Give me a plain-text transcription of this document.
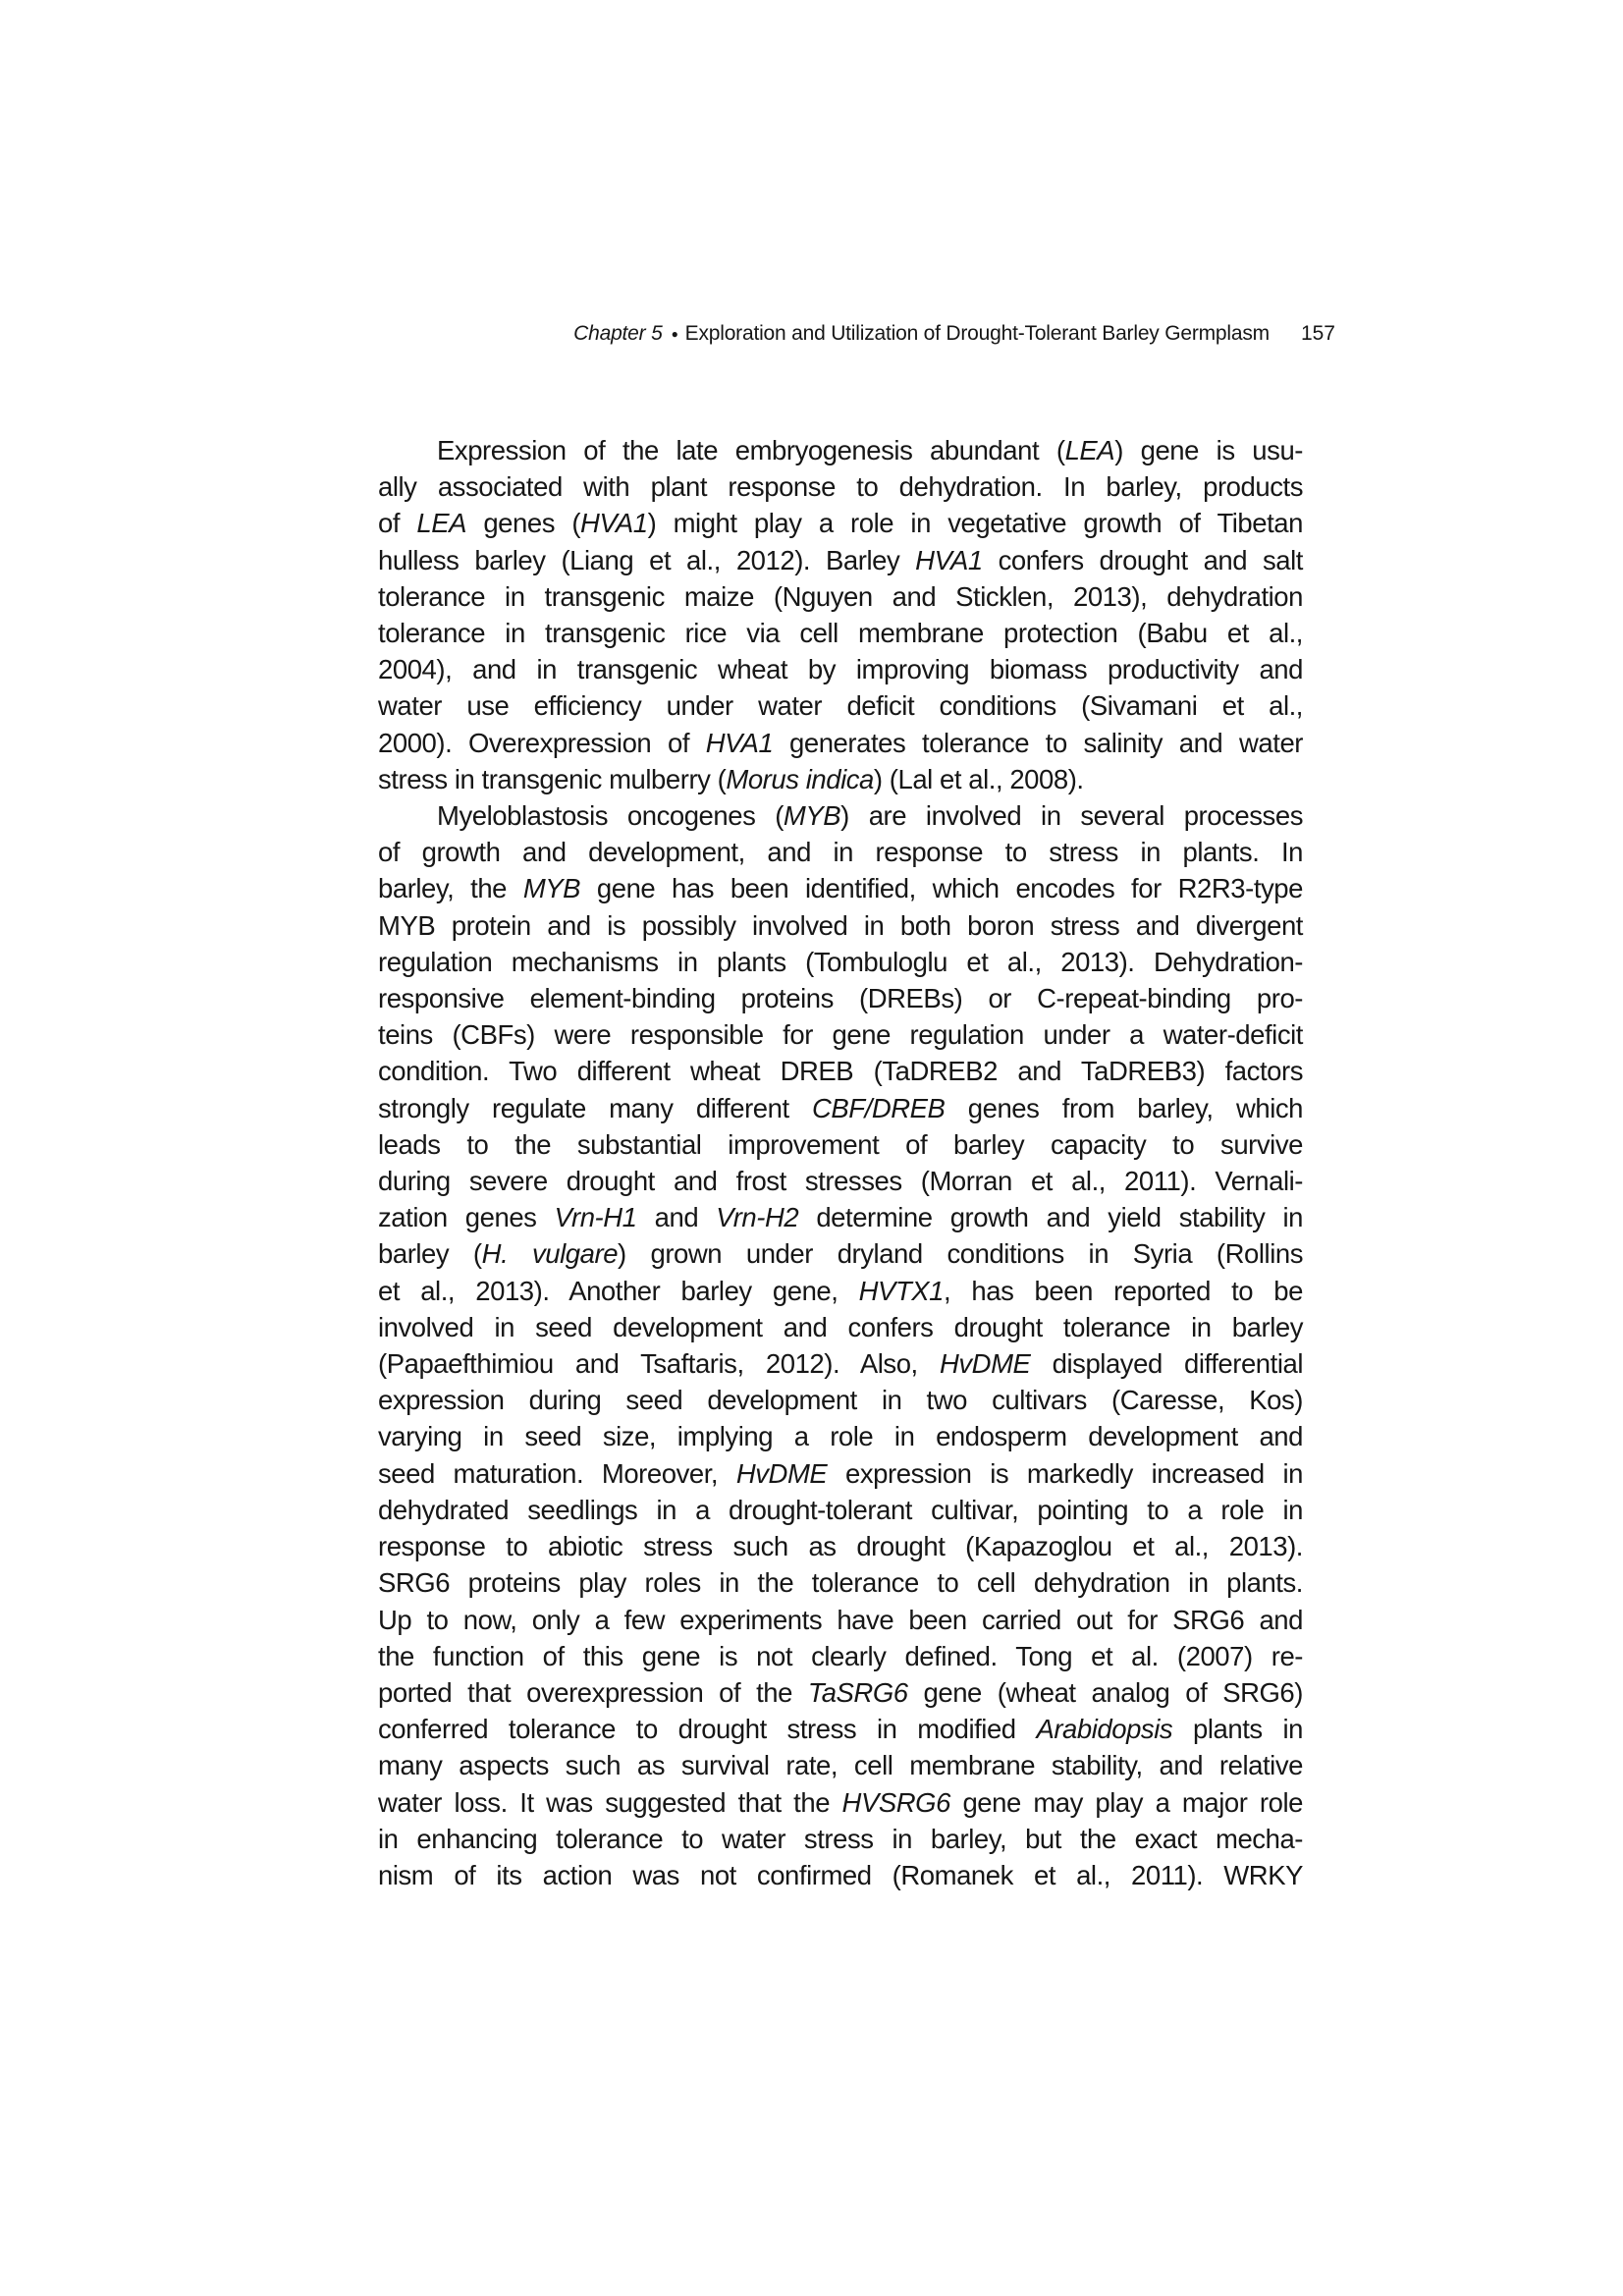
Chapter 5 ● Exploration and Utilization of Drought-Tolerant Barley Germplasm 157
Expression of the late embryogenesis abundant (LEA) gene is usu-
ally associated with plant response to dehydration. In barley, products
of LEA genes (HVA1) might play a role in vegetative growth of Tibetan
hulless barley (Liang et al., 2012). Barley HVA1 confers drought and salt
tolerance in transgenic maize (Nguyen and Sticklen, 2013), dehydration
tolerance in transgenic rice via cell membrane protection (Babu et al.,
2004), and in transgenic wheat by improving biomass productivity and
water use efficiency under water deficit conditions (Sivamani et al.,
2000). Overexpression of HVA1 generates tolerance to salinity and water
stress in transgenic mulberry (Morus indica) (Lal et al., 2008).
Myeloblastosis oncogenes (MYB) are involved in several processes
of growth and development, and in response to stress in plants. In
barley, the MYB gene has been identified, which encodes for R2R3-type
MYB protein and is possibly involved in both boron stress and divergent
regulation mechanisms in plants (Tombuloglu et al., 2013). Dehydration-
responsive element-binding proteins (DREBs) or C-repeat-binding pro-
teins (CBFs) were responsible for gene regulation under a water-deficit
condition. Two different wheat DREB (TaDREB2 and TaDREB3) factors
strongly regulate many different CBF/DREB genes from barley, which
leads to the substantial improvement of barley capacity to survive
during severe drought and frost stresses (Morran et al., 2011). Vernali-
zation genes Vrn-H1 and Vrn-H2 determine growth and yield stability in
barley (H. vulgare) grown under dryland conditions in Syria (Rollins
et al., 2013). Another barley gene, HVTX1, has been reported to be
involved in seed development and confers drought tolerance in barley
(Papaefthimiou and Tsaftaris, 2012). Also, HvDME displayed differential
expression during seed development in two cultivars (Caresse, Kos)
varying in seed size, implying a role in endosperm development and
seed maturation. Moreover, HvDME expression is markedly increased in
dehydrated seedlings in a drought-tolerant cultivar, pointing to a role in
response to abiotic stress such as drought (Kapazoglou et al., 2013).
SRG6 proteins play roles in the tolerance to cell dehydration in plants.
Up to now, only a few experiments have been carried out for SRG6 and
the function of this gene is not clearly defined. Tong et al. (2007) re-
ported that overexpression of the TaSRG6 gene (wheat analog of SRG6)
conferred tolerance to drought stress in modified Arabidopsis plants in
many aspects such as survival rate, cell membrane stability, and relative
water loss. It was suggested that the HVSRG6 gene may play a major role
in enhancing tolerance to water stress in barley, but the exact mecha-
nism of its action was not confirmed (Romanek et al., 2011). WRKY
